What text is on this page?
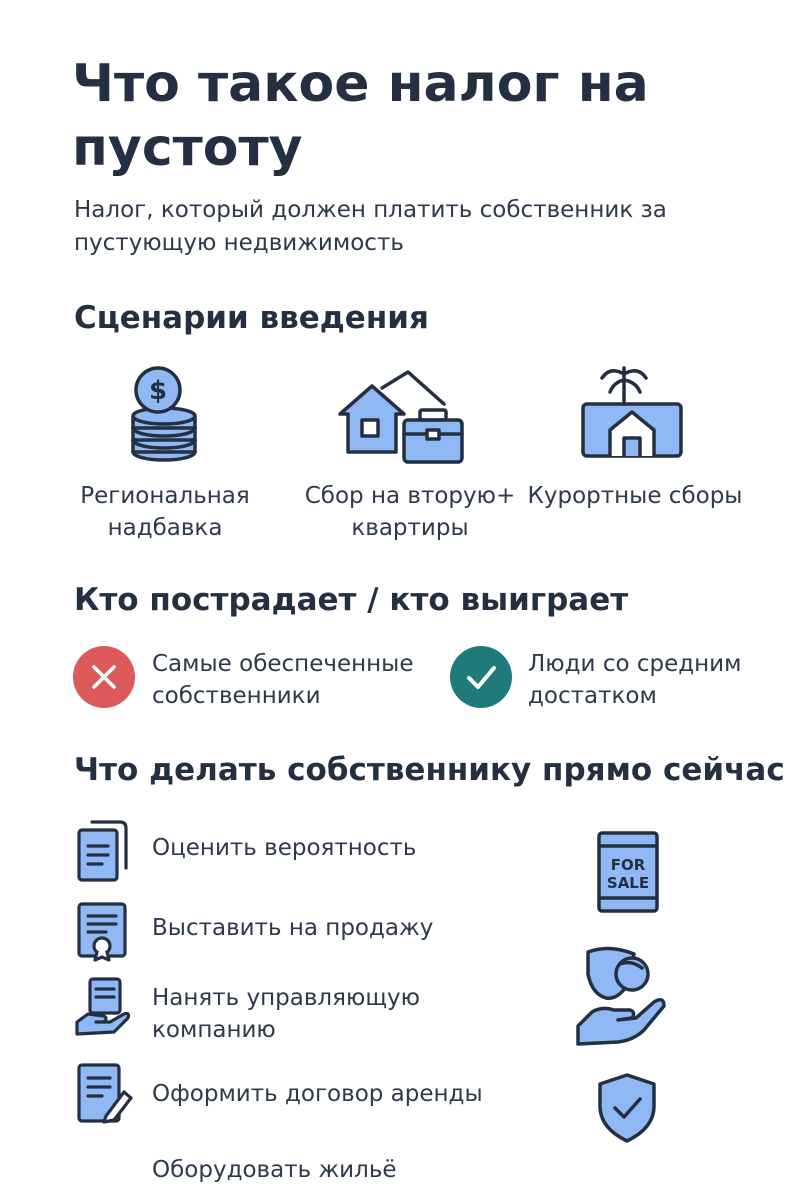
Что такое налог на пустоту
Налог, который должен платить собственник за пустующую недвижимость
Сценарии введения
$
Региональная надбавка
Сбор на вторую+ квартиры
Курортные сборы
Кто пострадает / кто выиграет
Самые обеспеченные собственники
Люди со средним достатком
Что делать собственнику прямо сейчас
Оценить вероятность
Выставить на продажу
Нанять управляющую компанию
Оформить договор аренды
Оборудовать жильё
FOR
SALE
